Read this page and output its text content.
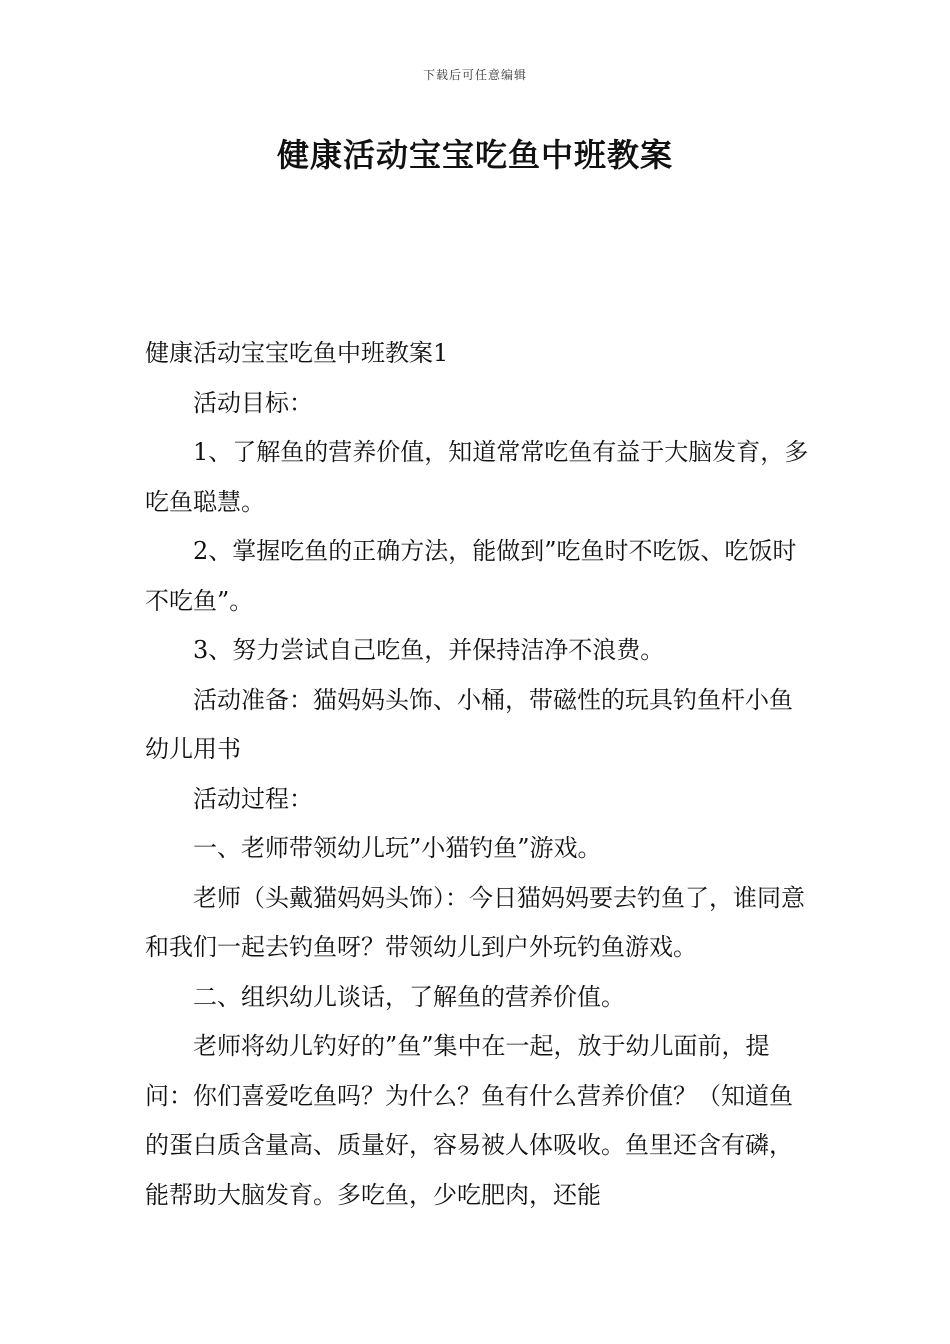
下载后可任意编辑
健康活动宝宝吃鱼中班教案

健康活动宝宝吃鱼中班教案1

活动目标：

1、了解鱼的营养价值，知道常常吃鱼有益于大脑发育，多吃鱼聪慧。

2、掌握吃鱼的正确方法，能做到”吃鱼时不吃饭、吃饭时不吃鱼”。

3、努力尝试自己吃鱼，并保持洁净不浪费。

活动准备：猫妈妈头饰、小桶，带磁性的玩具钓鱼杆小鱼幼儿用书

活动过程：

一、老师带领幼儿玩”小猫钓鱼”游戏。

老师（头戴猫妈妈头饰）：今日猫妈妈要去钓鱼了，谁同意和我们一起去钓鱼呀？带领幼儿到户外玩钓鱼游戏。

二、组织幼儿谈话，了解鱼的营养价值。

老师将幼儿钓好的”鱼”集中在一起，放于幼儿面前，提问：你们喜爱吃鱼吗？为什么？鱼有什么营养价值？（知道鱼的蛋白质含量高、质量好，容易被人体吸收。鱼里还含有磷，能帮助大脑发育。多吃鱼，少吃肥肉，还能
